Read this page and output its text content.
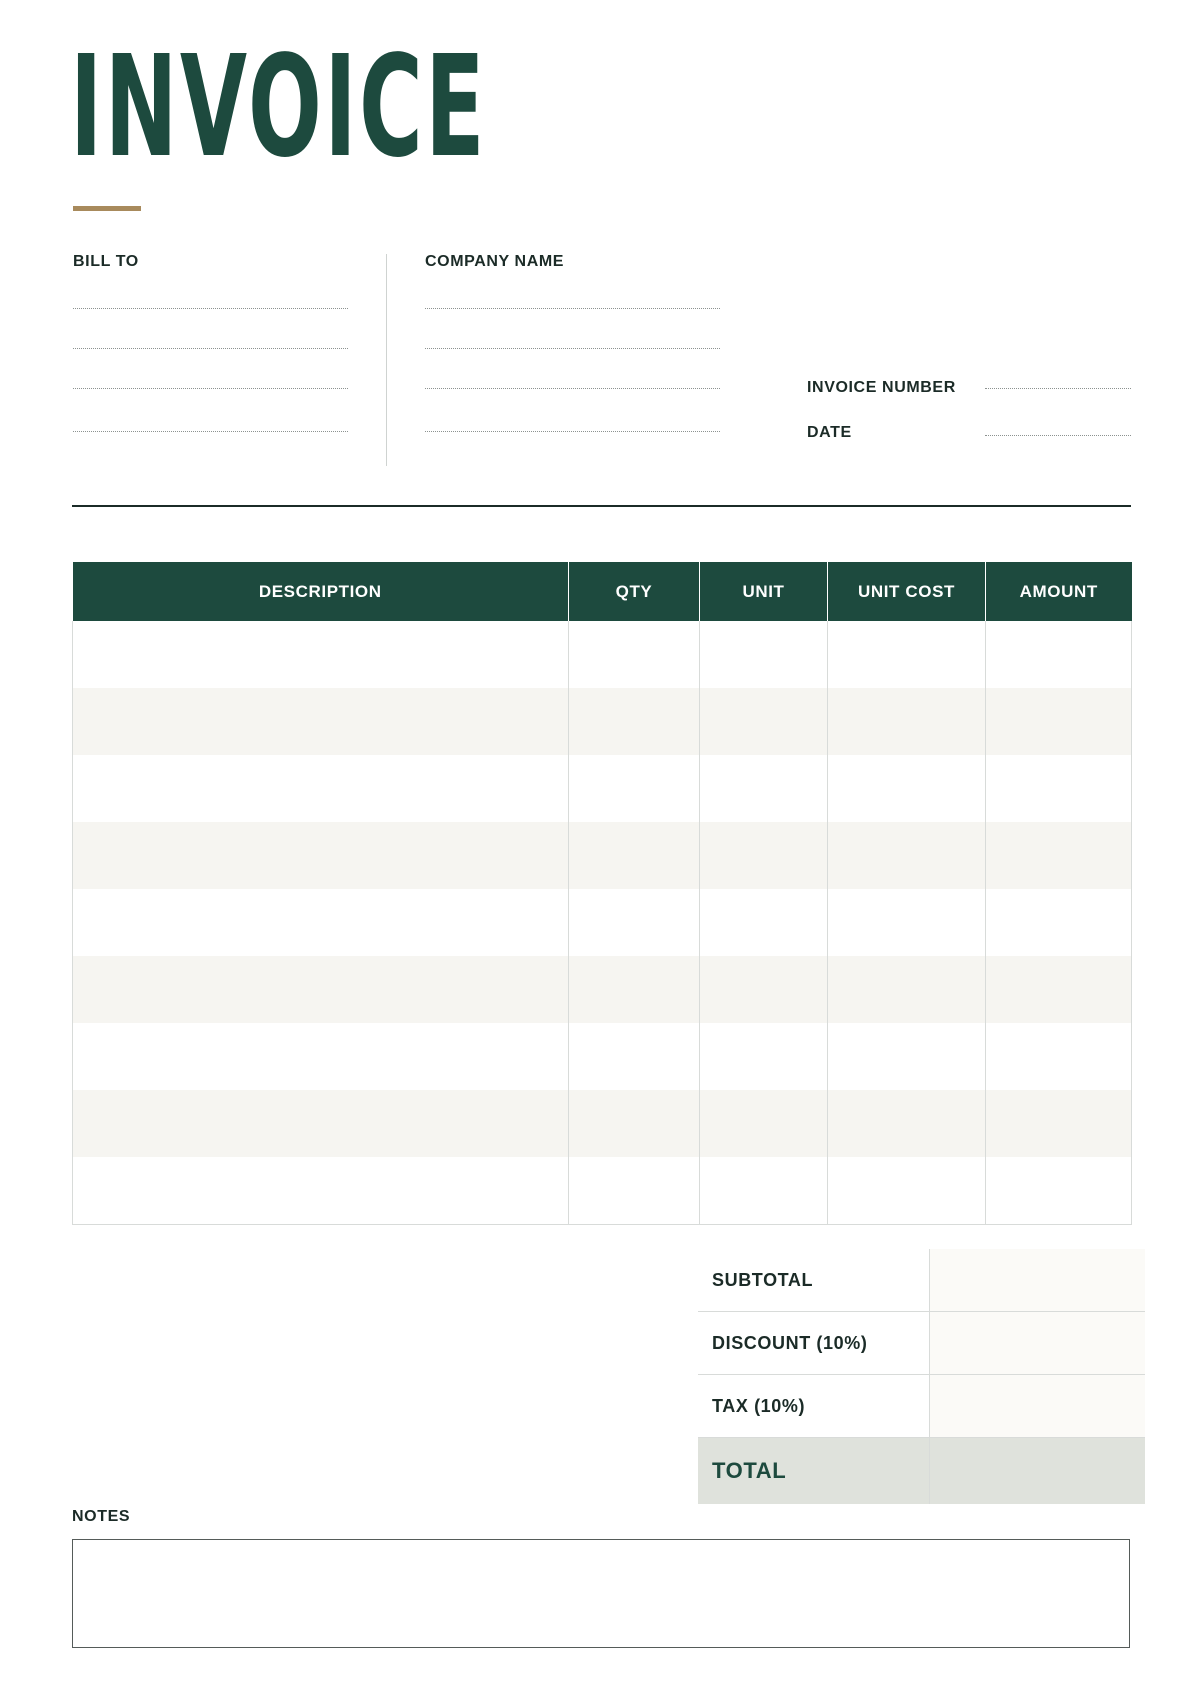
INVOICE
BILL TO	COMPANY NAME
INVOICE NUMBER
DATE
DESCRIPTION	QTY	UNIT	UNIT COST	AMOUNT

SUBTOTAL	
DISCOUNT (10%)	
TAX (10%)	
TOTAL	
NOTES
